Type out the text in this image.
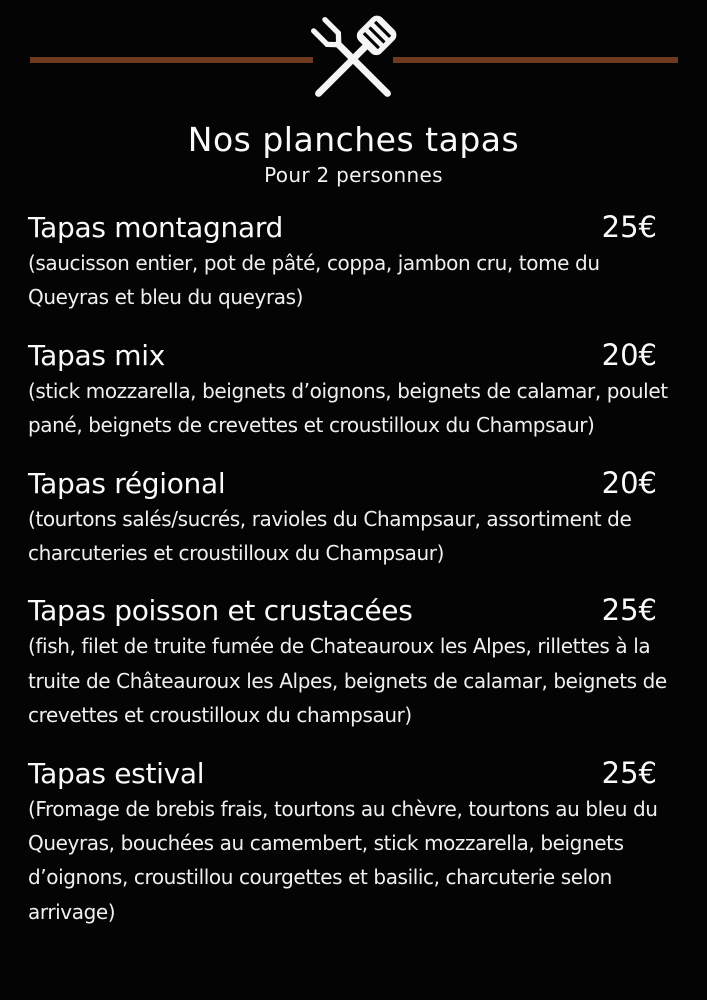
Nos planches tapas
Pour 2 personnes
Tapas montagnard	25€
(saucisson entier, pot de pâté, coppa, jambon cru, tome du Queyras et bleu du queyras)
Tapas mix	20€
(stick mozzarella, beignets d’oignons, beignets de calamar, poulet pané, beignets de crevettes et croustilloux du Champsaur)
Tapas régional	20€
(tourtons salés/sucrés, ravioles du Champsaur, assortiment de charcuteries et croustilloux du Champsaur)
Tapas poisson et crustacées	25€
(fish, filet de truite fumée de Chateauroux les Alpes, rillettes à la truite de Châteauroux les Alpes, beignets de calamar, beignets de crevettes et croustilloux du champsaur)
Tapas estival	25€
(Fromage de brebis frais, tourtons au chèvre, tourtons au bleu du Queyras, bouchées au camembert, stick mozzarella, beignets d’oignons, croustillou courgettes et basilic, charcuterie selon arrivage)
